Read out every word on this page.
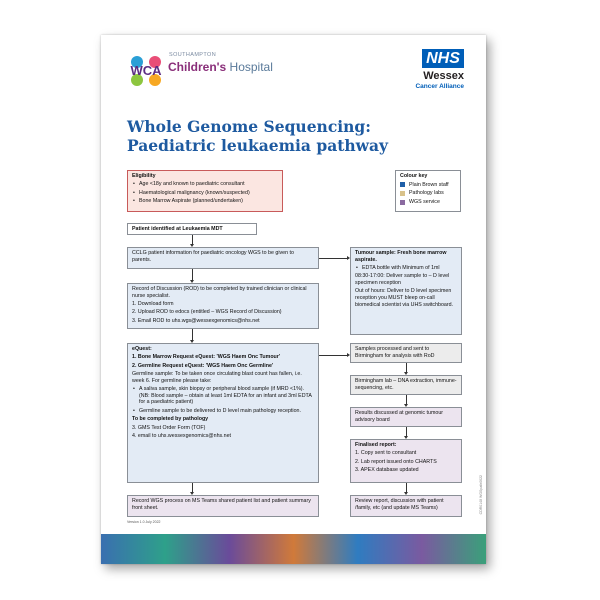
WCA
SOUTHAMPTON
Children's Hospital	NHS
Wessex
Cancer Alliance
Whole Genome Sequencing:
Paediatric leukaemia pathway

Eligibility

• Age <18y and known to paediatric consultant
• Haematological malignancy (known/suspected)
• Bone Marrow Aspirate (planned/undertaken)

Colour key

Plain Brown staff
Pathology labs
WGS service

Patient identified at Leukaemia MDT

CCLG patient information for paediatric oncology WGS to be given to parents.

Record of Discussion (ROD) to be completed by trained clinician or clinical nurse specialist.

1. Download form

2. Upload ROD to edocs (entitled – WGS Record of Discussion)

3. Email ROD to uhs.wgs@wessexgenomics@nhs.net

eQuest:

1. Bone Marrow Request eQuest: 'WGS Haem Onc Tumour'

2. Germline Request eQuest: 'WGS Haem Onc Germline'

Germline sample: To be taken once circulating blast count has fallen, i.e. week 6. For germline please take:

• A saliva sample, skin biopsy or peripheral blood sample (if MRD <1%). (NB: Blood sample – obtain at least 1ml EDTA for an infant and 3ml EDTA for a paediatric patient)
• Germline sample to be delivered to D level main pathology reception.

To be completed by pathology

3. GMS Test Order Form (TOF)

4. email to uhs.wessexgenomics@nhs.net

Record WGS process on MS Teams shared patient list and patient summary front sheet.

Tumour sample: Fresh bone marrow aspirate.

• EDTA bottle with Minimum of 1ml

08:30-17:00: Deliver sample to – D level specimen reception

Out of hours: Deliver to D level specimen reception you MUST bleep on-call biomedical scientist via UHS switchboard.

Samples processed and sent to Birmingham for analysis with RoD

Birmingham lab – DNA extraction, immune-sequencing, etc.

Results discussed at genomic tumour advisory board

Finalised report:

1. Copy sent to consultant

2. Lab report issued onto CHARTS

3. APEX database updated

Review report, discussion with patient /family, etc (and update MS Teams)

Version 1.0 July 2022
CDR0148 WGSpath0622
